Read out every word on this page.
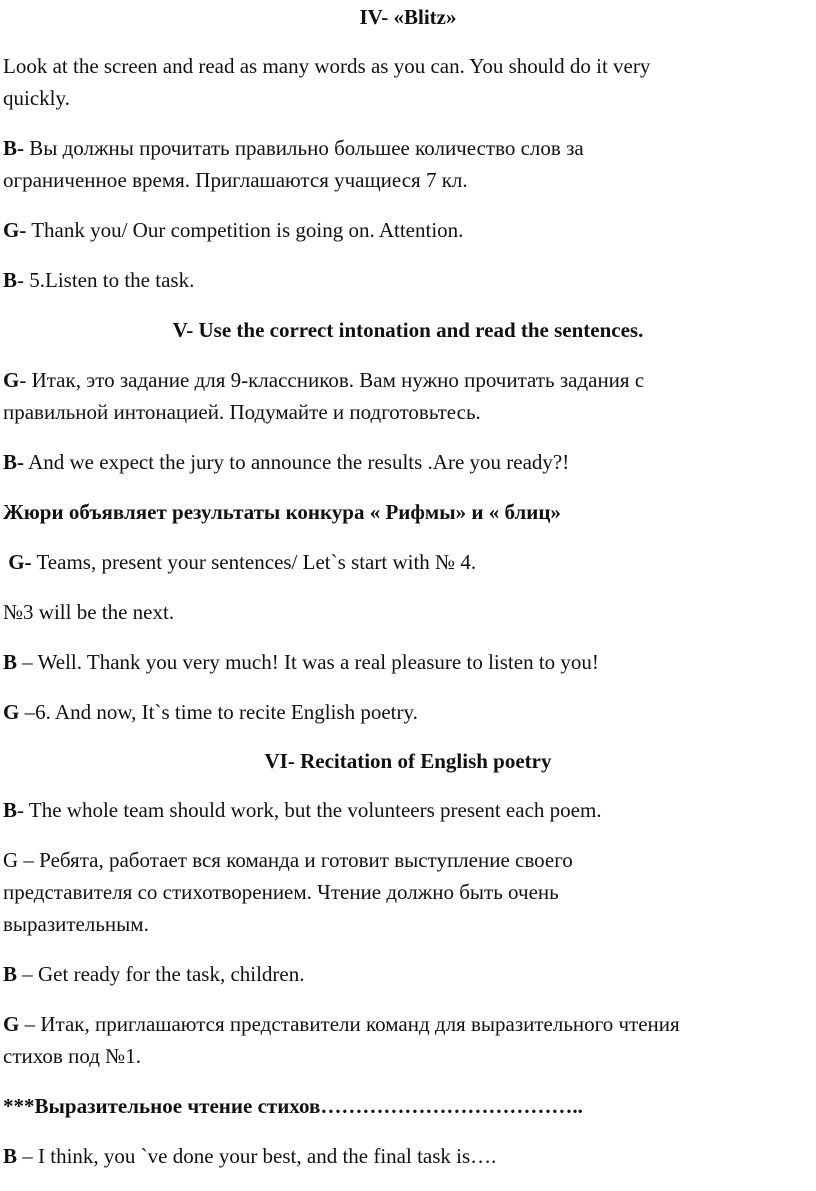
IV- «Blitz»
Look at the screen and read as many words as you can. You should do it very
quickly.
B- Вы должны прочитать правильно большее количество слов за
ограниченное время. Приглашаются учащиеся 7 кл.
G- Thank you/ Our competition is going on. Attention.
B- 5.Listen to the task.
V- Use the correct intonation and read the sentences.
G- Итак, это задание для 9-классников. Вам нужно прочитать задания с
правильной интонацией. Подумайте и подготовьтесь.
B- And we expect the jury to announce the results .Are you ready?!
Жюри объявляет результаты конкура « Рифмы» и « блиц»
G- Teams, present your sentences/ Let`s start with № 4.
№3 will be the next.
B – Well. Thank you very much! It was a real pleasure to listen to you!
G –6. And now, It`s time to recite English poetry.
VI- Recitation of English poetry
B- The whole team should work, but the volunteers present each poem.
G – Ребята, работает вся команда и готовит выступление своего
представителя со стихотворением. Чтение должно быть очень
выразительным.
B – Get ready for the task, children.
G – Итак, приглашаются представители команд для выразительного чтения
стихов под №1.
***Выразительное чтение стихов………………………………..
B – I think, you `ve done your best, and the final task is….
